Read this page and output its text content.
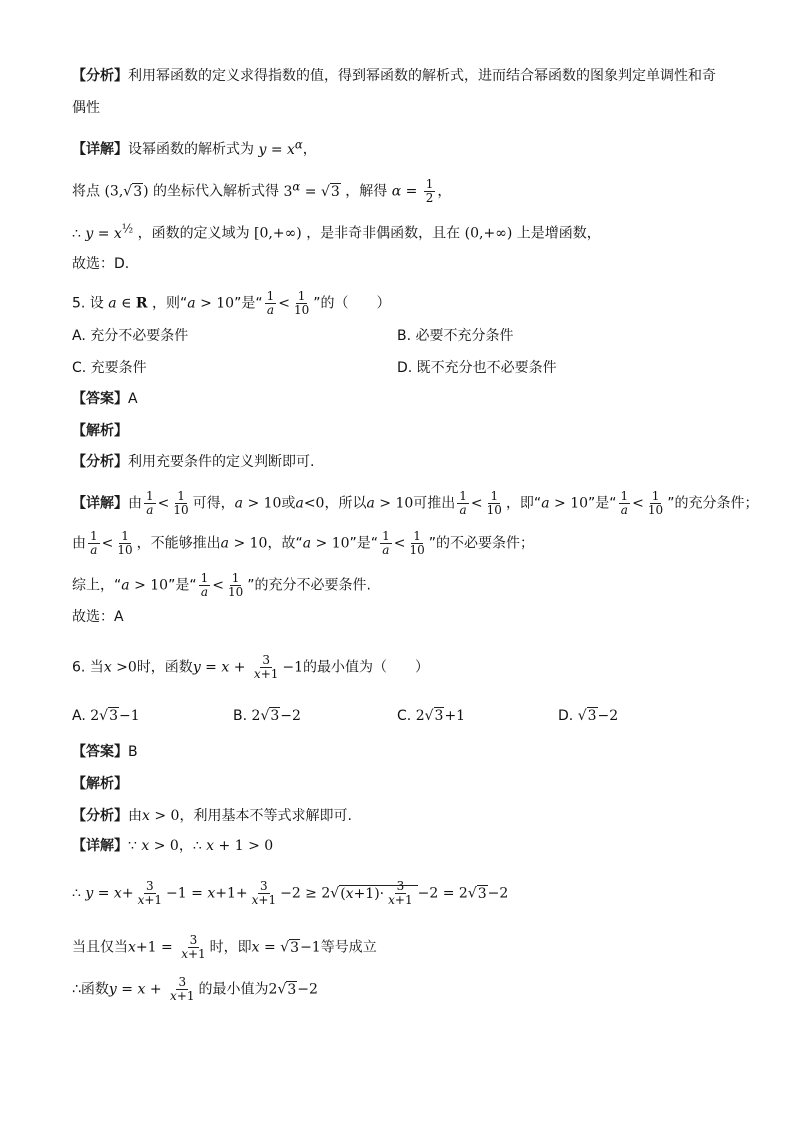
【分析】利用幂函数的定义求得指数的值，得到幂函数的解析式，进而结合幂函数的图象判定单调性和奇
偶性
【详解】设幂函数的解析式为 $y = x^\alpha$，
将点 (3,√3) 的坐标代入解析式得 $3^\alpha = √3$ ，解得 $\alpha = \frac{1}{2}$ ，
∴ $y = x^{\frac{1}{2}}$ ，函数的定义域为 [0,+∞) ，是非奇非偶函数，且在 (0,+∞) 上是增函数，
故选：D.
5. 设 a ∈ R ，则“a > 10”是“ $\frac{1}{a} < \frac{1}{10}$ ”的（　　）
A. 充分不必要条件	B. 必要不充分条件
C. 充要条件	D. 既不充分也不必要条件
【答案】A
【解析】
【分析】利用充要条件的定义判断即可.
【详解】由 $\frac{1}{a} < \frac{1}{10}$ 可得，a > 10或a<0，所以a > 10可推出 $\frac{1}{a} < \frac{1}{10}$ ，即“a > 10”是“ $\frac{1}{a} < \frac{1}{10}$ ”的充分条件；
由 $\frac{1}{a} < \frac{1}{10}$ ，不能够推出a > 10，故“a > 10”是“ $\frac{1}{a} < \frac{1}{10}$ ”的不必要条件；
综上，“a > 10”是“ $\frac{1}{a} < \frac{1}{10}$ ”的充分不必要条件.
故选：A
6. 当x >0时，函数$y = x + \frac{3}{x+1} -1$的最小值为（　　）
A. 2√3−1	B. 2√3−2	C. 2√3+1	D. √3−2
【答案】B
【解析】
【分析】由x > 0，利用基本不等式求解即可.
【详解】∵ x > 0，∴ x + 1 > 0
∴ $y = x+ \frac{3}{x+1} -1 = x+1+ \frac{3}{x+1} -2 \ge 2√(x+1)\cdot \frac{3}{x+1} -2 = 2√3-2$
当且仅当$x+1 = \frac{3}{x+1}$ 时，即x = √3−1等号成立
∴函数$y = x + \frac{3}{x+1}$ 的最小值为2√3−2
